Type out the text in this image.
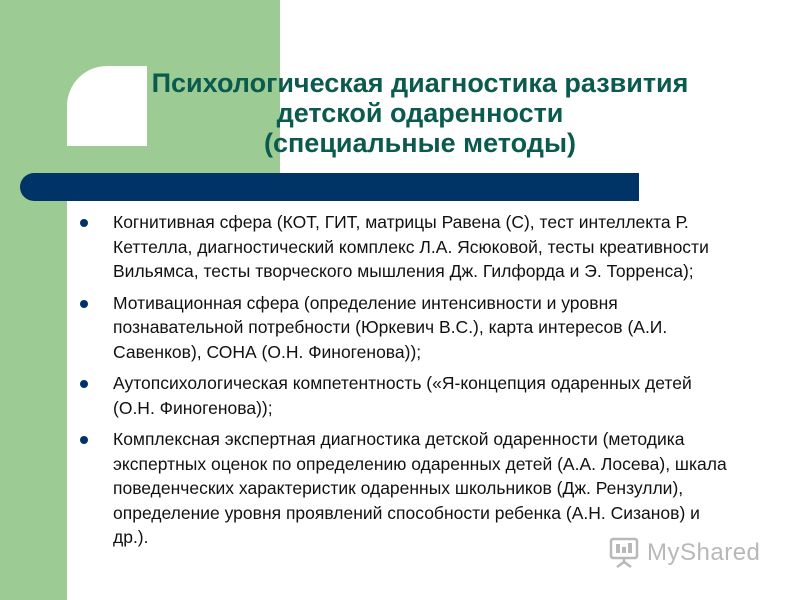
Психологическая диагностика развития
детской одаренности
(специальные методы)
Когнитивная сфера (КОТ, ГИТ, матрицы Равена (С), тест интеллекта Р. Кеттелла, диагностический комплекс Л.А. Ясюковой, тесты креативности Вильямса, тесты творческого мышления Дж. Гилфорда и Э. Торренса);
Мотивационная сфера (определение интенсивности и уровня познавательной потребности (Юркевич В.С.), карта интересов (А.И. Савенков), СОНА (О.Н. Финогенова));
Аутопсихологическая компетентность («Я-концепция одаренных детей (О.Н. Финогенова));
Комплексная экспертная диагностика детской одаренности (методика экспертных оценок по определению одаренных детей (А.А. Лосева), шкала поведенческих характеристик одаренных школьников (Дж. Рензулли), определение уровня проявлений способности ребенка (А.Н. Сизанов) и др.).
MyShared
